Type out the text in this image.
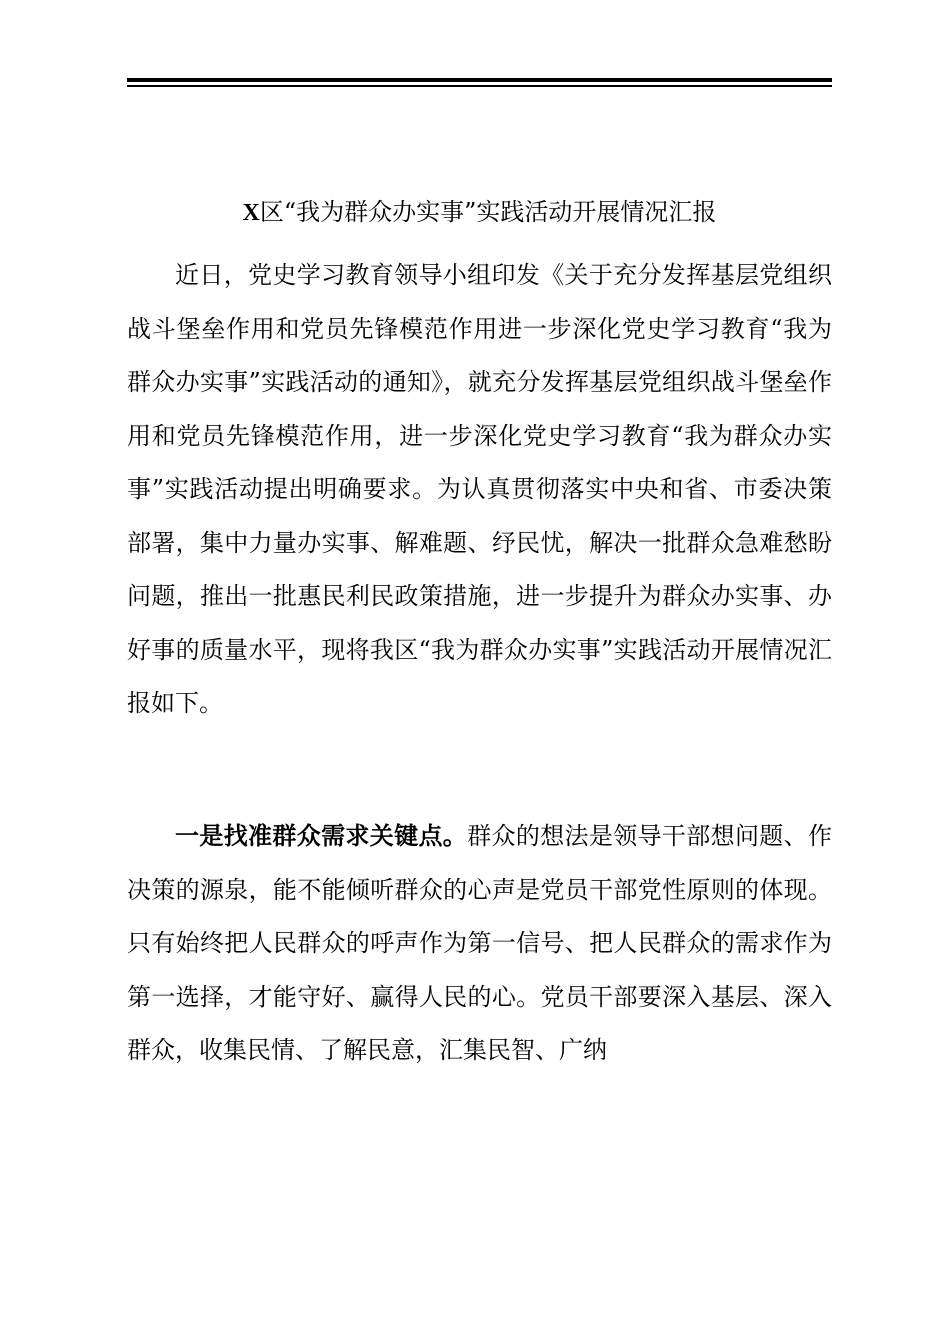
X区“我为群众办实事”实践活动开展情况汇报

近日，党史学习教育领导小组印发《关于充分发挥基层党组织战斗堡垒作用和党员先锋模范作用进一步深化党史学习教育“我为群众办实事”实践活动的通知》，就充分发挥基层党组织战斗堡垒作用和党员先锋模范作用，进一步深化党史学习教育“我为群众办实事”实践活动提出明确要求。为认真贯彻落实中央和省、市委决策部署，集中力量办实事、解难题、纾民忧，解决一批群众急难愁盼问题，推出一批惠民利民政策措施，进一步提升为群众办实事、办好事的质量水平，现将我区“我为群众办实事”实践活动开展情况汇报如下。

一是找准群众需求关键点。群众的想法是领导干部想问题、作决策的源泉，能不能倾听群众的心声是党员干部党性原则的体现。只有始终把人民群众的呼声作为第一信号、把人民群众的需求作为第一选择，才能守好、赢得人民的心。党员干部要深入基层、深入群众，收集民情、了解民意，汇集民智、广纳
